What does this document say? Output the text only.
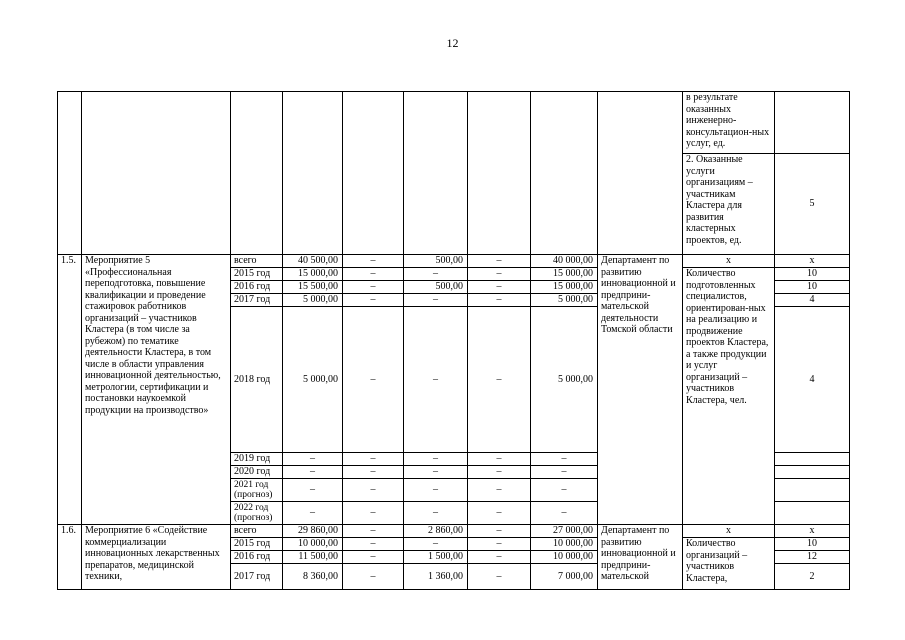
12
									в результате оказанных инженерно-консультацион-ных услуг, ед.		
									2. Оказанные услуги организациям – участникам Кластера для развития кластерных проектов, ед.	5	
1.5.	Мероприятие 5 «Профессиональная переподготовка, повышение квалификации и проведение стажировок работников организаций – участников Кластера (в том числе за рубежом) по тематике деятельности Кластера, в том числе в области управления инновационной деятельностью, метрологии, сертификации и постановки наукоемкой продукции на производство»	всего	40 500,00	–	500,00	–	40 000,00	Департамент по развитию инновационной и предприни-мательской деятельности Томской области	х	х	
		2015 год	15 000,00	–	–	–	15 000,00		Количество подготовленных специалистов, ориентирован-ных на реализацию и продвижение проектов Кластера, а также продукции и услуг организаций – участников Кластера, чел.	10	
		2016 год	15 500,00	–	500,00	–	15 000,00			10	
		2017 год	5 000,00	–	–	–	5 000,00			4	
		2018 год	5 000,00	–	–	–	5 000,00			4	
		2019 год	–	–	–	–	–				
		2020 год	–	–	–	–	–				
		2021 год (прогноз)	–	–	–	–	–				
		2022 год (прогноз)	–	–	–	–	–				
1.6.	Мероприятие 6 «Содействие коммерциализации инновационных лекарственных препаратов, медицинской техники,	всего	29 860,00	–	2 860,00	–	27 000,00	Департамент по развитию инновационной и предприни-мательской	х	х	
		2015 год	10 000,00	–	–	–	10 000,00		Количество организаций – участников Кластера,	10	
		2016 год	11 500,00	–	1 500,00	–	10 000,00			12	
		2017 год	8 360,00	–	1 360,00	–	7 000,00			2	
